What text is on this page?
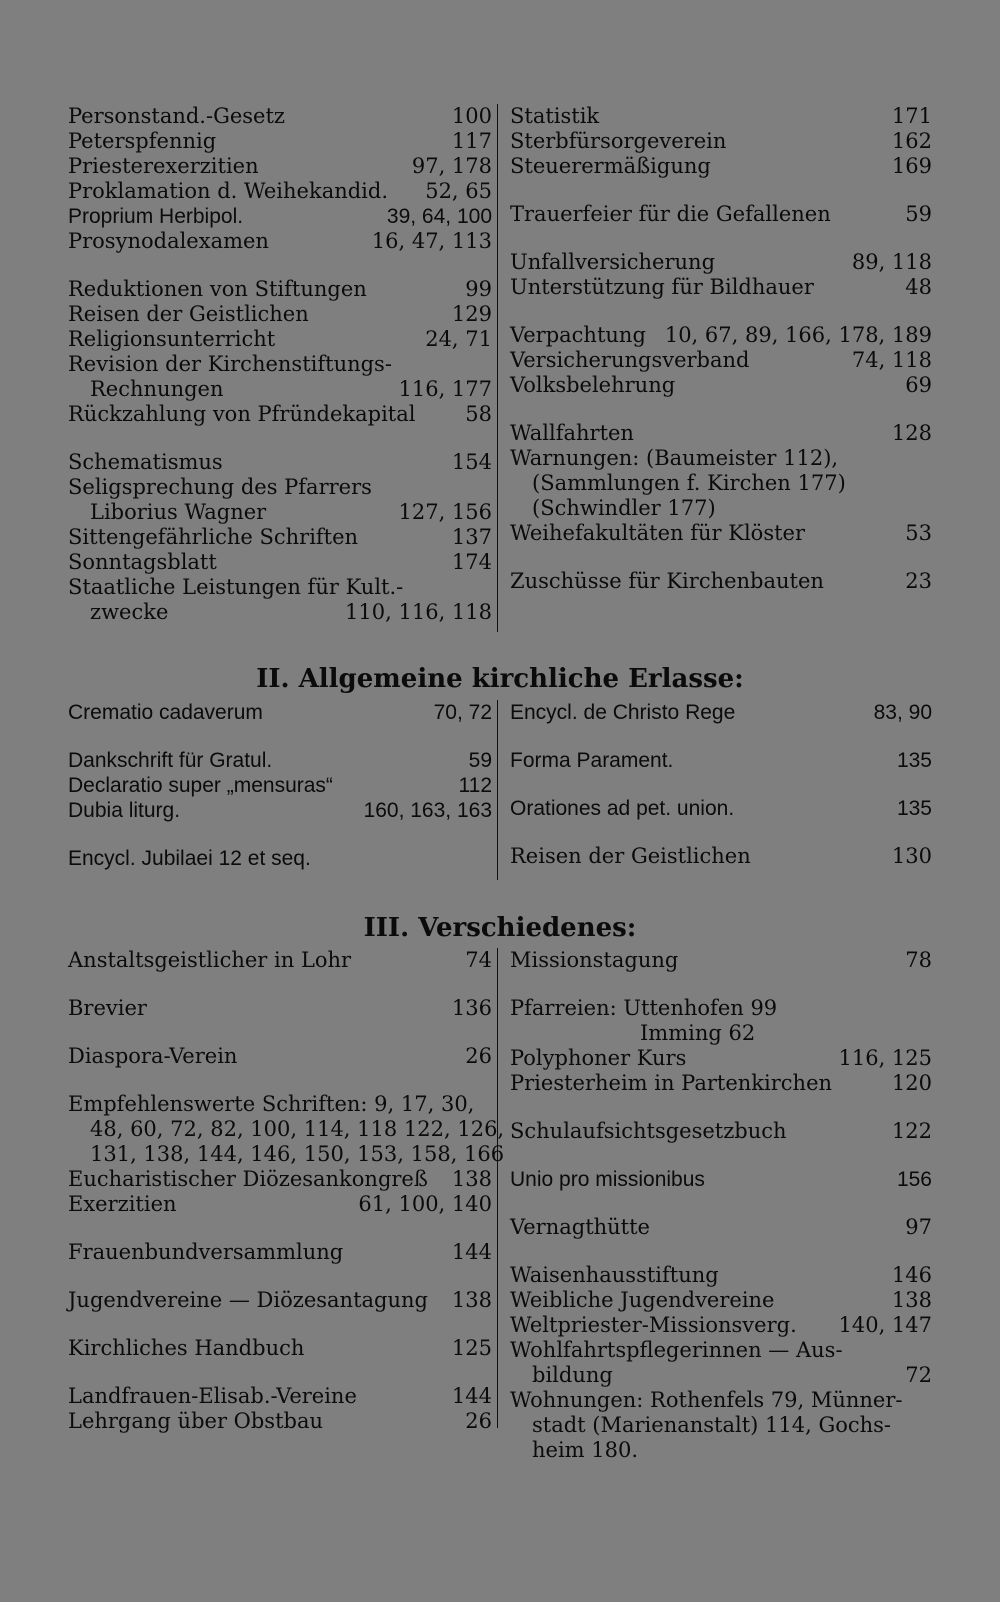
Personstand.-Gesetz	100
Peterspfennig	117
Priesterexerzitien	97, 178
Proklamation d. Weihekandid.	52, 65
Proprium Herbipol.	39, 64, 100
Prosynodalexamen	16, 47, 113
Reduktionen von Stiftungen	99
Reisen der Geistlichen	129
Religionsunterricht	24, 71
Revision der Kirchenstiftungs-
Rechnungen	116, 177
Rückzahlung von Pfründekapital	58
Schematismus	154
Seligsprechung des Pfarrers
Liborius Wagner	127, 156
Sittengefährliche Schriften	137
Sonntagsblatt	174
Staatliche Leistungen für Kult.-
zwecke	110, 116, 118
Statistik	171
Sterbfürsorgeverein	162
Steuerermäßigung	169
Trauerfeier für die Gefallenen	59
Unfallversicherung	89, 118
Unterstützung für Bildhauer	48
Verpachtung 10, 67, 89, 166, 178, 189
Versicherungsverband	74, 118
Volksbelehrung	69
Wallfahrten	128
Warnungen: (Baumeister 112),
(Sammlungen f. Kirchen 177)
(Schwindler 177)
Weihefakultäten für Klöster	53
Zuschüsse für Kirchenbauten	23
II. Allgemeine kirchliche Erlasse:
Crematio cadaverum	70, 72
Dankschrift für Gratul.	59
Declaratio super „mensuras“	112
Dubia liturg.	160, 163, 163
Encycl. Jubilaei 12 et seq.
Encycl. de Christo Rege	83, 90
Forma Parament.	135
Orationes ad pet. union.	135
Reisen der Geistlichen	130
III. Verschiedenes:
Anstaltsgeistlicher in Lohr	74
Brevier	136
Diaspora-Verein	26
Empfehlenswerte Schriften: 9, 17, 30,
48, 60, 72, 82, 100, 114, 118 122, 126,
131, 138, 144, 146, 150, 153, 158, 166
Eucharistischer Diözesankongreß	138
Exerzitien	61, 100, 140
Frauenbundversammlung	144
Jugendvereine — Diözesantagung	138
Kirchliches Handbuch	125
Landfrauen-Elisab.-Vereine	144
Lehrgang über Obstbau	26
Missionstagung	78
Pfarreien: Uttenhofen 99
Imming 62
Polyphoner Kurs	116, 125
Priesterheim in Partenkirchen	120
Schulaufsichtsgesetzbuch	122
Unio pro missionibus	156
Vernagthütte	97
Waisenhausstiftung	146
Weibliche Jugendvereine	138
Weltpriester-Missionsverg.	140, 147
Wohlfahrtspflegerinnen — Aus-
bildung	72
Wohnungen: Rothenfels 79, Münner-
stadt (Marienanstalt) 114, Gochs-
heim 180.
